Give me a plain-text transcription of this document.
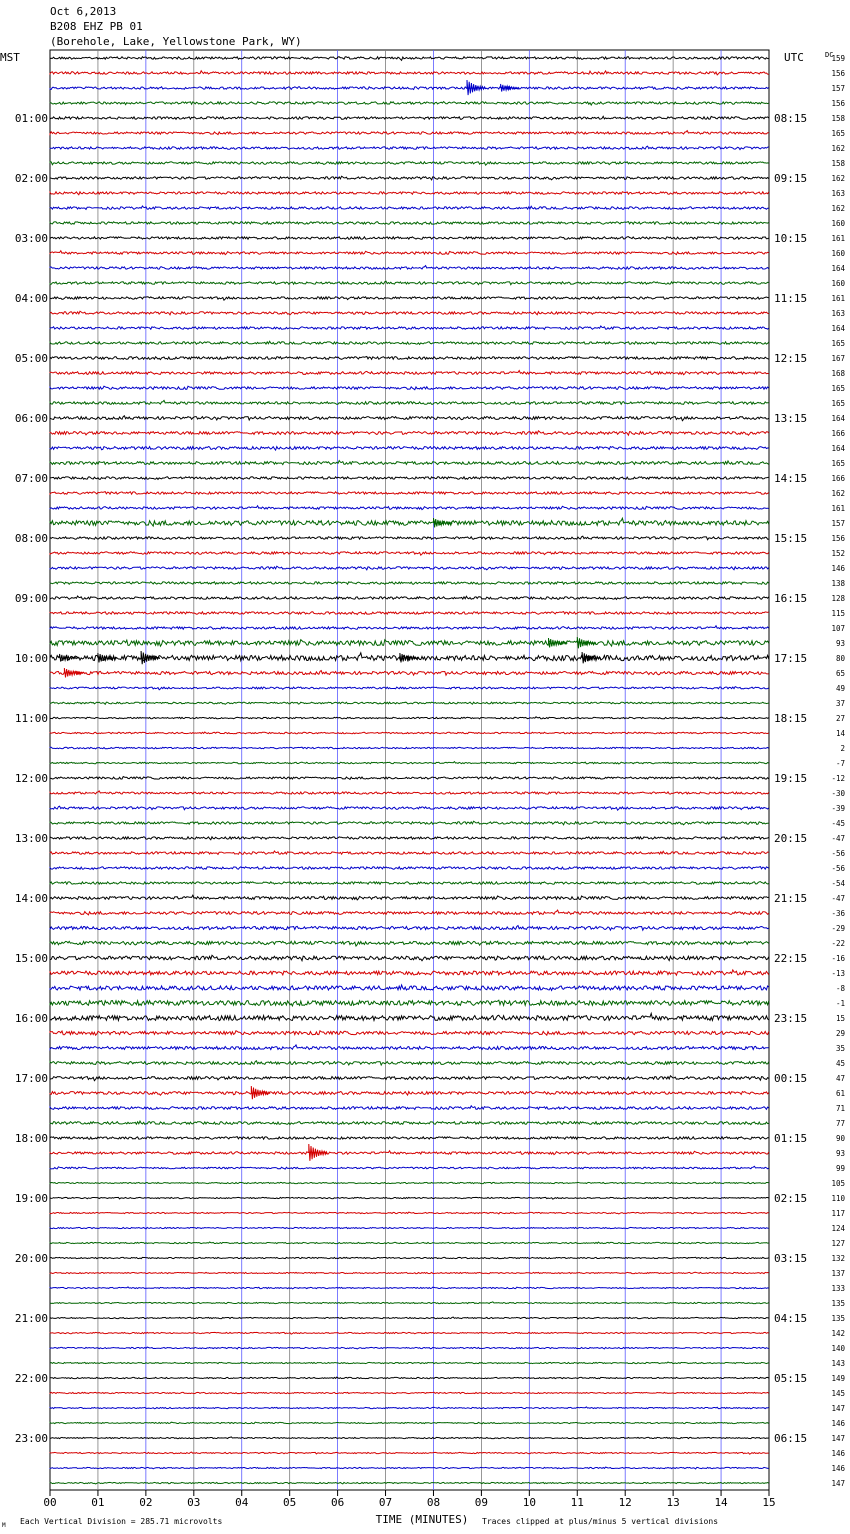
Oct 6,2013
B208 EHZ PB 01
(Borehole, Lake, Yellowstone Park, WY)
MST	UTC	DC
01:00
02:00
03:00
04:00
05:00
06:00
07:00
08:00
09:00
10:00
11:00
12:00
13:00
14:00
15:00
16:00
17:00
18:00
19:00
20:00
21:00
22:00
23:00
08:15
09:15
10:15
11:15
12:15
13:15
14:15
15:15
16:15
17:15
18:15
19:15
20:15
21:15
22:15
23:15
00:15
01:15
02:15
03:15
04:15
05:15
06:15
159
156
157
156
158
165
162
158
162
163
162
160
161
160
164
160
161
163
164
165
167
168
165
165
164
166
164
165
166
162
161
157
156
152
146
138
128
115
107
93
80
65
49
37
27
14
2
-7
-12
-30
-39
-45
-47
-56
-56
-54
-47
-36
-29
-22
-16
-13
-8
-1
15
29
35
45
47
61
71
77
90
93
99
105
110
117
124
127
132
137
133
135
135
142
140
143
149
145
147
146
147
146
146
147
00	01	02	03	04	05	06	07	08	09	10	11	12	13	14	15
TIME (MINUTES)
Each Vertical Division = 285.71 microvolts	Traces clipped at plus/minus 5 vertical divisions
M
